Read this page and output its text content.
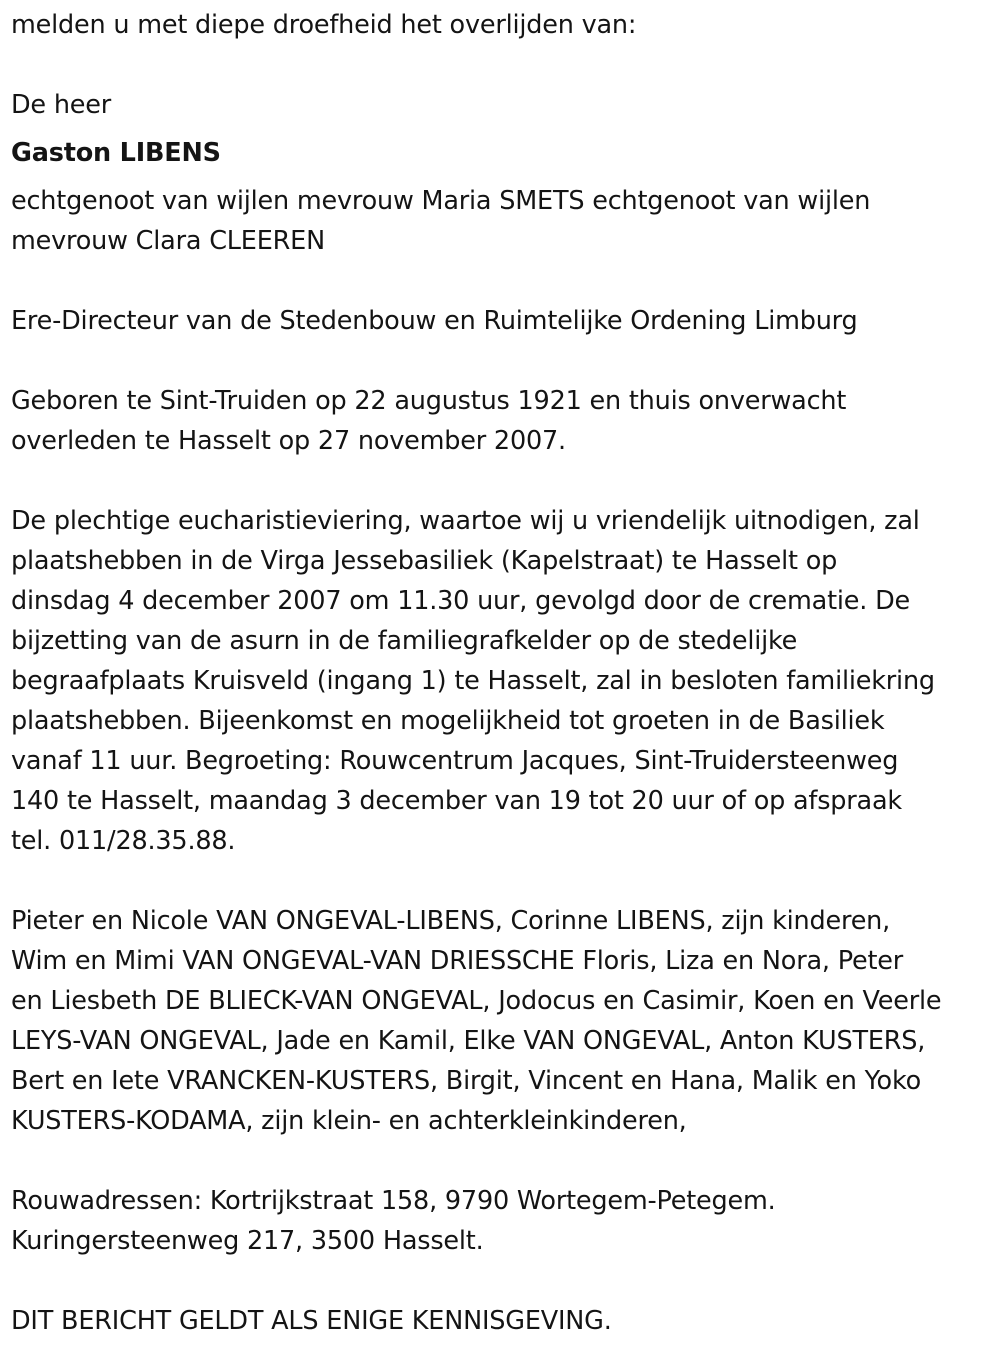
melden u met diepe droefheid het overlijden van:
De heer
Gaston LIBENS
echtgenoot van wijlen mevrouw Maria SMETS echtgenoot van wijlen
mevrouw Clara CLEEREN
Ere-Directeur van de Stedenbouw en Ruimtelijke Ordening Limburg
Geboren te Sint-Truiden op 22 augustus 1921 en thuis onverwacht
overleden te Hasselt op 27 november 2007.
De plechtige eucharistieviering, waartoe wij u vriendelijk uitnodigen, zal
plaatshebben in de Virga Jessebasiliek (Kapelstraat) te Hasselt op
dinsdag 4 december 2007 om 11.30 uur, gevolgd door de crematie. De
bijzetting van de asurn in de familiegrafkelder op de stedelijke
begraafplaats Kruisveld (ingang 1) te Hasselt, zal in besloten familiekring
plaatshebben. Bijeenkomst en mogelijkheid tot groeten in de Basiliek
vanaf 11 uur. Begroeting: Rouwcentrum Jacques, Sint-Truidersteenweg
140 te Hasselt, maandag 3 december van 19 tot 20 uur of op afspraak
tel. 011/28.35.88.
Pieter en Nicole VAN ONGEVAL-LIBENS, Corinne LIBENS, zijn kinderen,
Wim en Mimi VAN ONGEVAL-VAN DRIESSCHE Floris, Liza en Nora, Peter
en Liesbeth DE BLIECK-VAN ONGEVAL, Jodocus en Casimir, Koen en Veerle
LEYS-VAN ONGEVAL, Jade en Kamil, Elke VAN ONGEVAL, Anton KUSTERS,
Bert en Iete VRANCKEN-KUSTERS, Birgit, Vincent en Hana, Malik en Yoko
KUSTERS-KODAMA, zijn klein- en achterkleinkinderen,
Rouwadressen: Kortrijkstraat 158, 9790 Wortegem-Petegem.
Kuringersteenweg 217, 3500 Hasselt.
DIT BERICHT GELDT ALS ENIGE KENNISGEVING.
